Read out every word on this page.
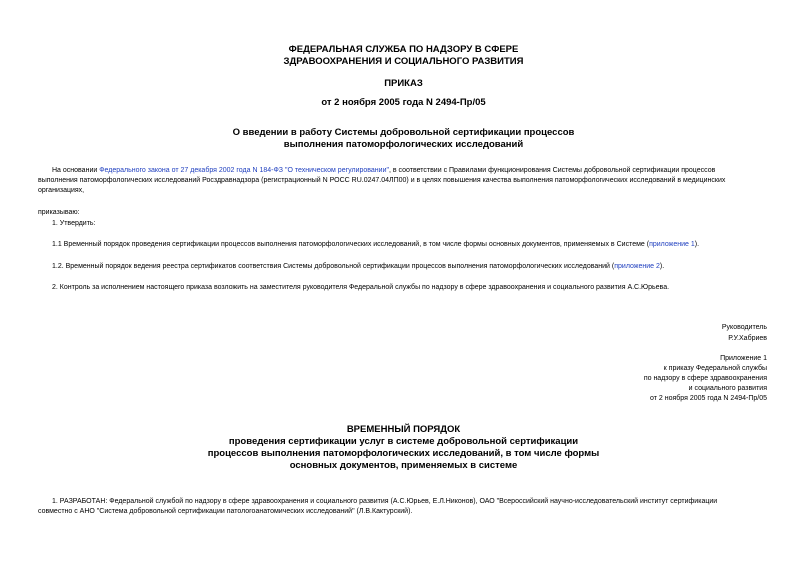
ФЕДЕРАЛЬНАЯ СЛУЖБА ПО НАДЗОРУ В СФЕРЕ
ЗДРАВООХРАНЕНИЯ И СОЦИАЛЬНОГО РАЗВИТИЯ
ПРИКАЗ
от 2 ноября 2005 года N 2494-Пр/05
О введении в работу Системы добровольной сертификации процессов
выполнения патоморфологических исследований
На основании Федерального закона от 27 декабря 2002 года N 184-ФЗ "О техническом регулировании", в соответствии с Правилами функционирования Системы добровольной сертификации процессов
выполнения патоморфологических исследований Росздравнадзора (регистрационный N РОСС RU.0247.04ЛП00) и в целях повышения качества выполнения патоморфологических исследований в медицинских
организациях,
приказываю:
1. Утвердить:
1.1 Временный порядок проведения сертификации процессов выполнения патоморфологических исследований, в том числе формы основных документов, применяемых в Системе (приложение 1).
1.2. Временный порядок ведения реестра сертификатов соответствия Системы добровольной сертификации процессов выполнения патоморфологических исследований (приложение 2).
2. Контроль за исполнением настоящего приказа возложить на заместителя руководителя Федеральной службы по надзору в сфере здравоохранения и социального развития А.С.Юрьева.
Руководитель
Р.У.Хабриев
Приложение 1
к приказу Федеральной службы
по надзору в сфере здравоохранения
и социального развития
от 2 ноября 2005 года N 2494-Пр/05
ВРЕМЕННЫЙ ПОРЯДОК
проведения сертификации услуг в системе добровольной сертификации
процессов выполнения патоморфологических исследований, в том числе формы
основных документов, применяемых в системе
1. РАЗРАБОТАН: Федеральной службой по надзору в сфере здравоохранения и социального развития (А.С.Юрьев, Е.Л.Никонов), ОАО "Всероссийский научно-исследовательский институт сертификации
совместно с АНО "Система добровольной сертификации патологоанатомических исследований" (Л.В.Кактурский).
